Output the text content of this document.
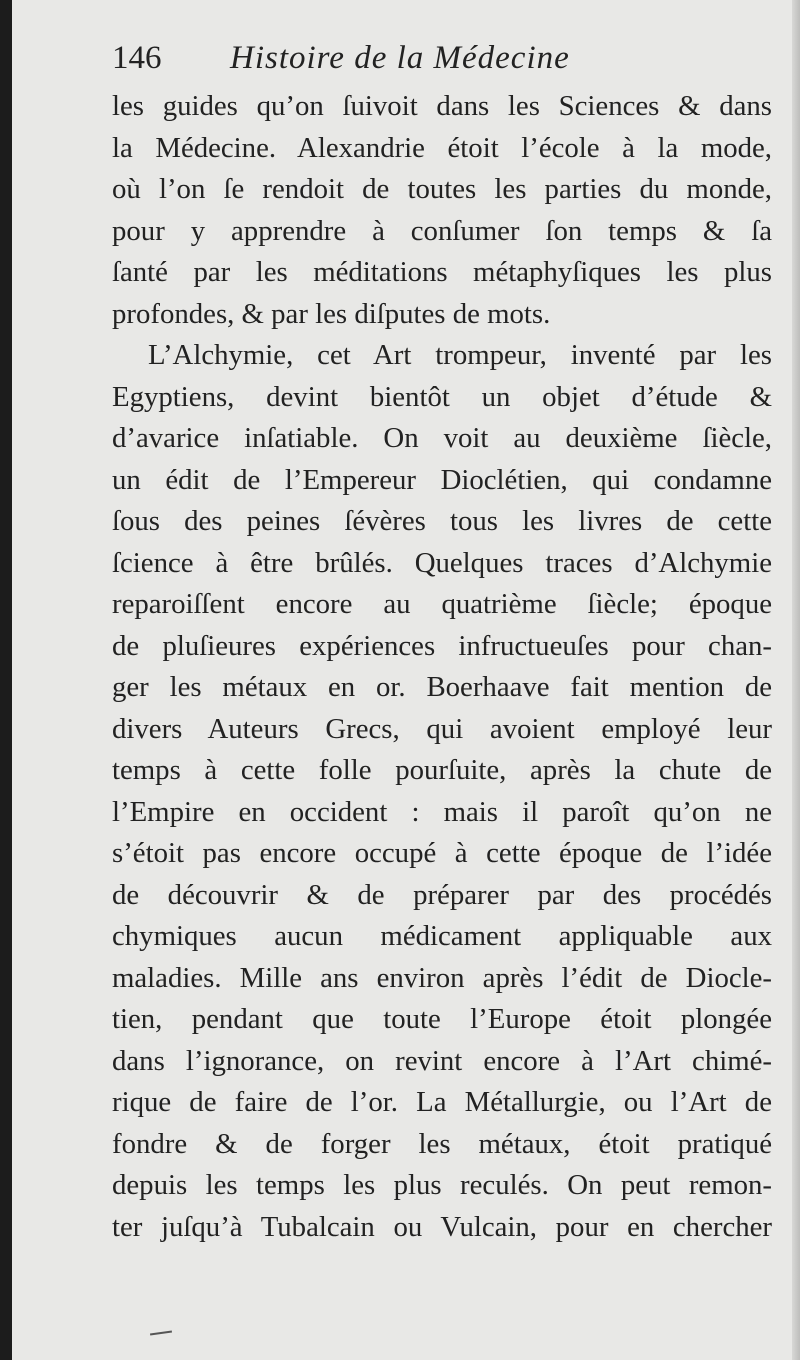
146 Histoire de la Médecine
les guides qu’on ſuivoit dans les Sciences & dans
la Médecine. Alexandrie étoit l’école à la mode,
où l’on ſe rendoit de toutes les parties du monde,
pour y apprendre à conſumer ſon temps & ſa
ſanté par les méditations métaphyſiques les plus
profondes, & par les diſputes de mots.
L’Alchymie, cet Art trompeur, inventé par les
Egyptiens, devint bientôt un objet d’étude &
d’avarice inſatiable. On voit au deuxième ſiècle,
un édit de l’Empereur Dioclétien, qui condamne
ſous des peines ſévères tous les livres de cette
ſcience à être brûlés. Quelques traces d’Alchymie
reparoiſſent encore au quatrième ſiècle; époque
de pluſieures expériences infructueuſes pour chan-
ger les métaux en or. Boerhaave fait mention de
divers Auteurs Grecs, qui avoient employé leur
temps à cette folle pourſuite, après la chute de
l’Empire en occident : mais il paroît qu’on ne
s’étoit pas encore occupé à cette époque de l’idée
de découvrir & de préparer par des procédés
chymiques aucun médicament appliquable aux
maladies. Mille ans environ après l’édit de Diocle-
tien, pendant que toute l’Europe étoit plongée
dans l’ignorance, on revint encore à l’Art chimé-
rique de faire de l’or. La Métallurgie, ou l’Art de
fondre & de forger les métaux, étoit pratiqué
depuis les temps les plus reculés. On peut remon-
ter juſqu’à Tubalcain ou Vulcain, pour en chercher
